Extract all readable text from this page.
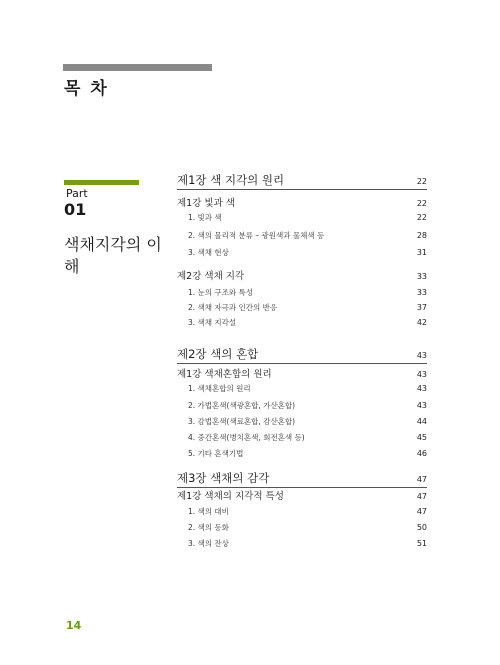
목 차
Part
01
색채지각의 이해
제1장 색 지각의 원리	22
제1강 빛과 색	22
1. 빛과 색	22
2. 색의 물리적 분류 – 광원색과 물체색 등	28
3. 색채 현상	31
제2강 색채 지각	33
1. 눈의 구조와 특성	33
2. 색채 자극과 인간의 반응	37
3. 색채 지각설	42
제2장 색의 혼합	43
제1강 색채혼합의 원리	43
1. 색채혼합의 원리	43
2. 가법혼색(색광혼합, 가산혼합)	43
3. 감법혼색(색료혼합, 감산혼합)	44
4. 중간혼색(병치혼색, 회전혼색 등)	45
5. 기타 혼색기법	46
제3장 색채의 감각	47
제1강 색채의 지각적 특성	47
1. 색의 대비	47
2. 색의 동화	50
3. 색의 잔상	51
14
